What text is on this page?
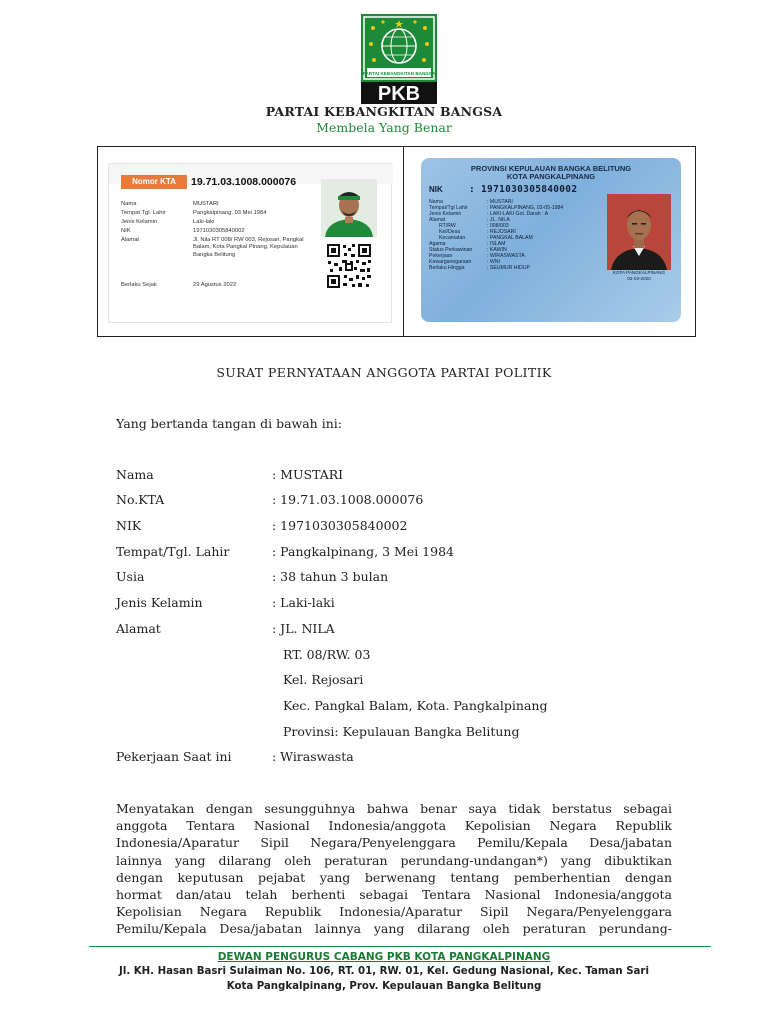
PARTAI KEBANGKITAN BANGSA
PKB
PARTAI KEBANGKITAN BANGSA
Membela Yang Benar
Nomor KTA	19.71.03.1008.000076
Nama	MUSTARI
Tempat Tgl. Lahir	Pangkalpinang, 03 Mei 1984
Jenis Kelamin	Laki-laki
NIK	1971030305840002
Alamat	Jl. Nila RT 008/ RW 003, Rejosari, Pangkal Balam, Kota Pangkal Pinang, Kepulauan Bangka Belitung
Berlaku Sejak	29 Agustus 2022
PROVINSI KEPULAUAN BANGKA BELITUNG
KOTA PANGKALPINANG
NIK	: 1971030305840002
Nama	: MUSTARI
Tempat/Tgl Lahir	: PANGKALPINANG, 03-05-1984
Jenis Kelamin	: LAKI-LAKI Gol. Darah : A
Alamat	: JL. NILA
RT/RW	: 008/003
Kel/Desa	: REJOSARI
Kecamatan	: PANGKAL BALAM
Agama	: ISLAM
Status Perkawinan	: KAWIN
Pekerjaan	: WIRASWASTA
Kewarganegaraan	: WNI
Berlaku Hingga	: SEUMUR HIDUP
KOTA PANGKALPINANG
02-03-2020
SURAT PERNYATAAN ANGGOTA PARTAI POLITIK
Yang bertanda tangan di bawah ini:
Nama	: MUSTARI
No.KTA	: 19.71.03.1008.000076
NIK	: 1971030305840002
Tempat/Tgl. Lahir	: Pangkalpinang, 3 Mei 1984
Usia	: 38 tahun 3 bulan
Jenis Kelamin	: Laki-laki
Alamat	: JL. NILA
RT. 08/RW. 03
Kel. Rejosari
Kec. Pangkal Balam, Kota. Pangkalpinang
Provinsi: Kepulauan Bangka Belitung
Pekerjaan Saat ini	: Wiraswasta

Menyatakan dengan sesungguhnya bahwa benar saya tidak berstatus sebagai

anggota Tentara Nasional Indonesia/anggota Kepolisian Negara Republik

Indonesia/Aparatur Sipil Negara/Penyelenggara Pemilu/Kepala Desa/jabatan

lainnya yang dilarang oleh peraturan perundang-undangan*) yang dibuktikan

dengan keputusan pejabat yang berwenang tentang pemberhentian dengan

hormat dan/atau telah berhenti sebagai Tentara Nasional Indonesia/anggota

Kepolisian Negara Republik Indonesia/Aparatur Sipil Negara/Penyelenggara

Pemilu/Kepala Desa/jabatan lainnya yang dilarang oleh peraturan perundang-

DEWAN PENGURUS CABANG PKB KOTA PANGKALPINANG
Jl. KH. Hasan Basri Sulaiman No. 106, RT. 01, RW. 01, Kel. Gedung Nasional, Kec. Taman Sari
Kota Pangkalpinang, Prov. Kepulauan Bangka Belitung
